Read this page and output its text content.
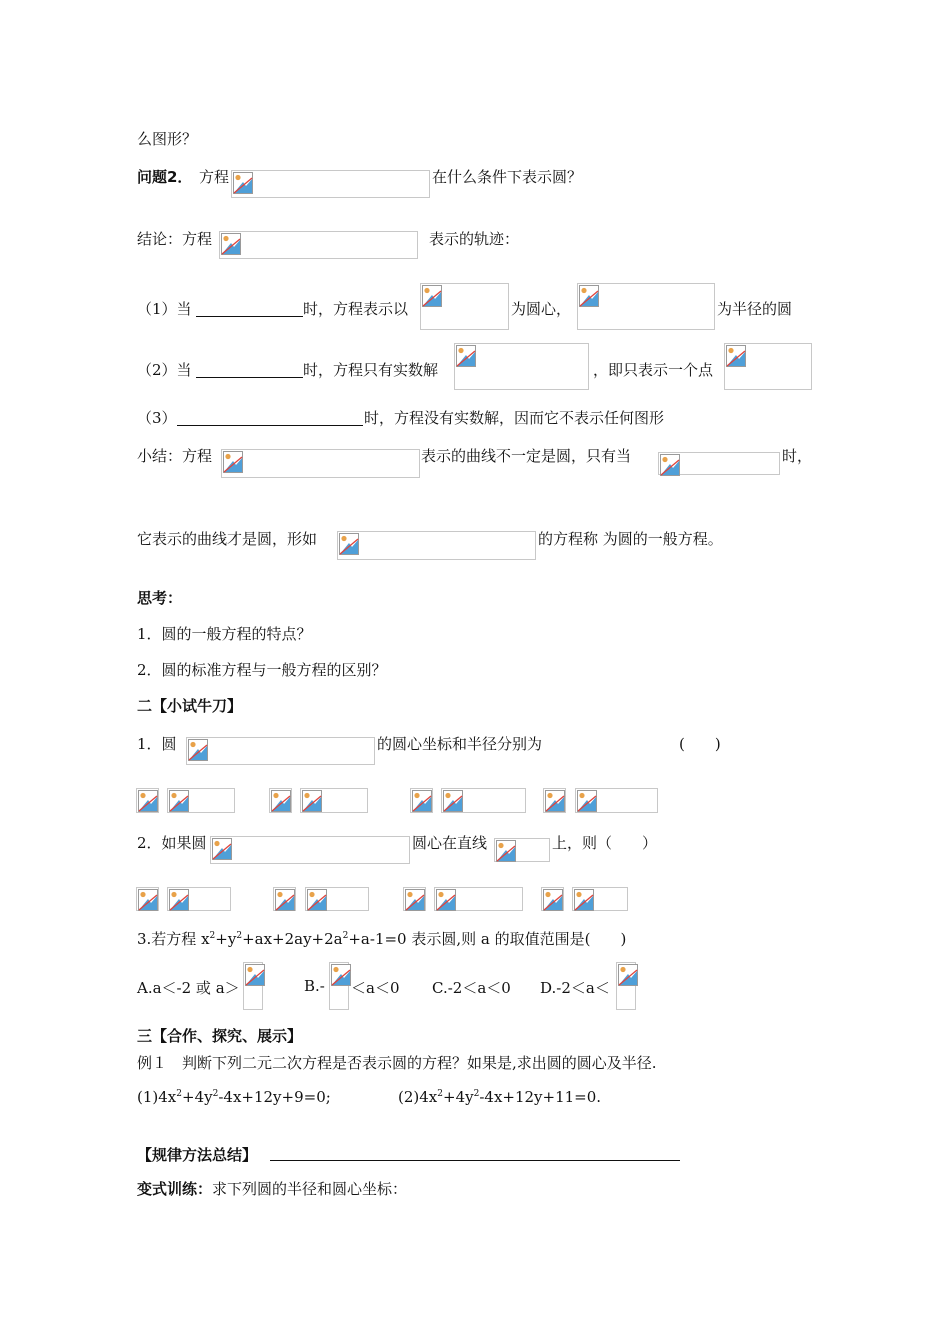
么图形？
问题2． 方程	在什么条件下表示圆？
结论：方程	表示的轨迹：
（1）当	时，方程表示以	为圆心，	为半径的圆
（2）当	时，方程只有实数解	，即只表示一个点
（3）	时，方程没有实数解，因而它不表示任何图形
小结：方程	表示的曲线不一定是圆，只有当	时，
它表示的曲线才是圆，形如	的方程称 为圆的一般方程。
思考：
1．圆的一般方程的特点？
2．圆的标准方程与一般方程的区别？
二【小试牛刀】
1．圆	的圆心坐标和半径分别为	(　　)
2．如果圆	圆心在直线	上，则（　　）
3.若方程 $x^2+y^2+ax+2ay+2a^2+a-1=0$ 表示圆,则 a 的取值范围是(　　)
A.a＜-2 或 a＞	B.- ＜a＜0 C.-2＜a＜0 D.-2＜a＜
三【合作、探究、展示】
例１　判断下列二元二次方程是否表示圆的方程？如果是,求出圆的圆心及半径.
$(1)4x^2+4y^2-4x+12y+9=0$;	$(2)4x^2+4y^2-4x+12y+11=0$.
【规律方法总结】
变式训练：求下列圆的半径和圆心坐标：
